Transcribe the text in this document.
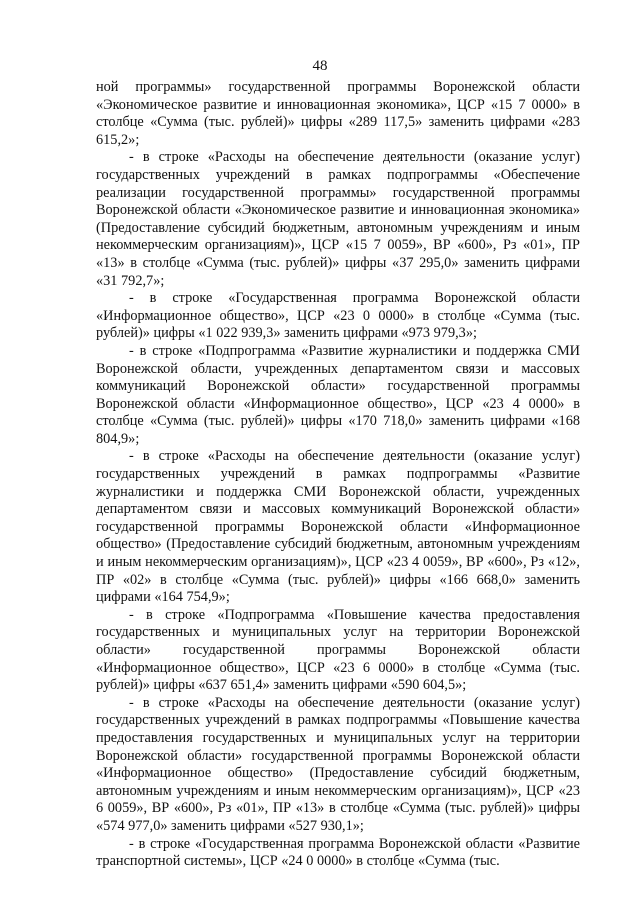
48

ной программы» государственной программы Воронежской области «Экономическое развитие и инновационная экономика», ЦСР «15 7 0000» в столбце «Сумма (тыс. рублей)» цифры «289 117,5» заменить цифрами «283 615,2»;

- в строке «Расходы на обеспечение деятельности (оказание услуг) государственных учреждений в рамках подпрограммы «Обеспечение реализации государственной программы» государственной программы Воронежской области «Экономическое развитие и инновационная экономика» (Предоставление субсидий бюджетным, автономным учреждениям и иным некоммерческим организациям)», ЦСР «15 7 0059», ВР «600», Рз «01», ПР «13» в столбце «Сумма (тыс. рублей)» цифры «37 295,0» заменить цифрами «31 792,7»;

- в строке «Государственная программа Воронежской области «Информационное общество», ЦСР «23 0 0000» в столбце «Сумма (тыс. рублей)» цифры «1 022 939,3» заменить цифрами «973 979,3»;

- в строке «Подпрограмма «Развитие журналистики и поддержка СМИ Воронежской области, учрежденных департаментом связи и массовых коммуникаций Воронежской области» государственной программы Воронежской области «Информационное общество», ЦСР «23 4 0000» в столбце «Сумма (тыс. рублей)» цифры «170 718,0» заменить цифрами «168 804,9»;

- в строке «Расходы на обеспечение деятельности (оказание услуг) государственных учреждений в рамках подпрограммы «Развитие журналистики и поддержка СМИ Воронежской области, учрежденных департаментом связи и массовых коммуникаций Воронежской области» государственной программы Воронежской области «Информационное общество» (Предоставление субсидий бюджетным, автономным учреждениям и иным некоммерческим организациям)», ЦСР «23 4 0059», ВР «600», Рз «12», ПР «02» в столбце «Сумма (тыс. рублей)» цифры «166 668,0» заменить цифрами «164 754,9»;

- в строке «Подпрограмма «Повышение качества предоставления государственных и муниципальных услуг на территории Воронежской области» государственной программы Воронежской области «Информационное общество», ЦСР «23 6 0000» в столбце «Сумма (тыс. рублей)» цифры «637 651,4» заменить цифрами «590 604,5»;

- в строке «Расходы на обеспечение деятельности (оказание услуг) государственных учреждений в рамках подпрограммы «Повышение качества предоставления государственных и муниципальных услуг на территории Воронежской области» государственной программы Воронежской области «Информационное общество» (Предоставление субсидий бюджетным, автономным учреждениям и иным некоммерческим организациям)», ЦСР «23 6 0059», ВР «600», Рз «01», ПР «13» в столбце «Сумма (тыс. рублей)» цифры «574 977,0» заменить цифрами «527 930,1»;

- в строке «Государственная программа Воронежской области «Развитие транспортной системы», ЦСР «24 0 0000» в столбце «Сумма (тыс.
